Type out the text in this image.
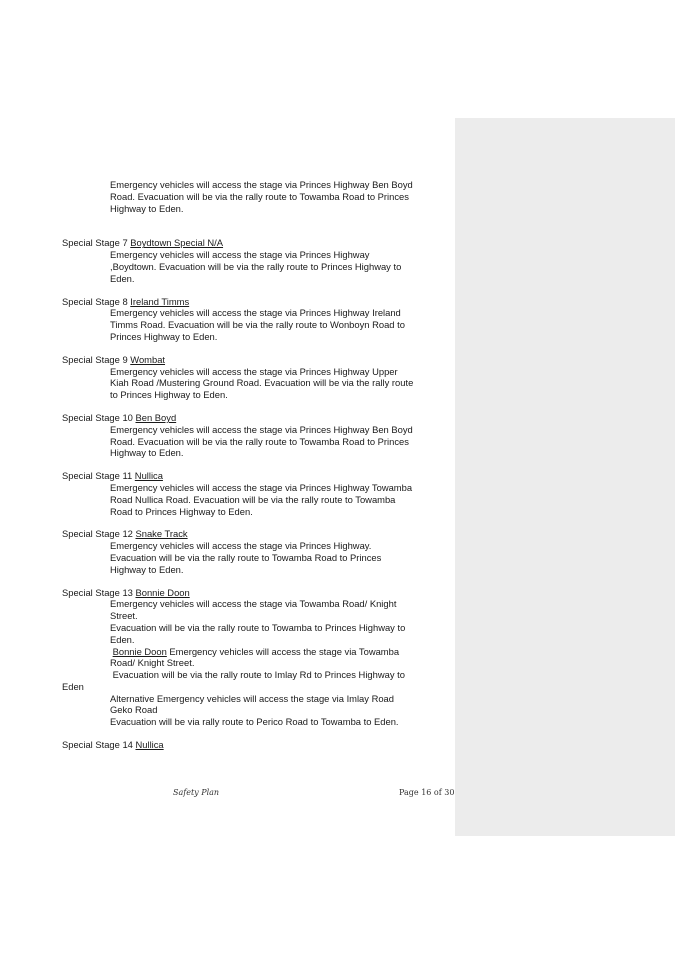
Emergency vehicles will access the stage via Princes Highway Ben Boyd
Road. Evacuation will be via the rally route to Towamba Road to Princes
Highway to Eden.
Special Stage 7 Boydtown Special N/A
Emergency vehicles will access the stage via Princes Highway
,Boydtown. Evacuation will be via the rally route to Princes Highway to
Eden.
Special Stage 8 Ireland Timms
Emergency vehicles will access the stage via Princes Highway Ireland
Timms Road. Evacuation will be via the rally route to Wonboyn Road to
Princes Highway to Eden.
Special Stage 9 Wombat
Emergency vehicles will access the stage via Princes Highway Upper
Kiah Road /Mustering Ground Road. Evacuation will be via the rally route
to Princes Highway to Eden.
Special Stage 10 Ben Boyd
Emergency vehicles will access the stage via Princes Highway Ben Boyd
Road. Evacuation will be via the rally route to Towamba Road to Princes
Highway to Eden.
Special Stage 11 Nullica
Emergency vehicles will access the stage via Princes Highway Towamba
Road Nullica Road. Evacuation will be via the rally route to Towamba
Road to Princes Highway to Eden.
Special Stage 12 Snake Track
Emergency vehicles will access the stage via Princes Highway.
Evacuation will be via the rally route to Towamba Road to Princes
Highway to Eden.
Special Stage 13 Bonnie Doon
Emergency vehicles will access the stage via Towamba Road/ Knight
Street.
Evacuation will be via the rally route to Towamba to Princes Highway to
Eden.
Bonnie Doon Emergency vehicles will access the stage via Towamba
Road/ Knight Street.
Evacuation will be via the rally route to Imlay Rd to Princes Highway to
Eden
Alternative Emergency vehicles will access the stage via Imlay Road
Geko Road
Evacuation will be via rally route to Perico Road to Towamba to Eden.
Special Stage 14 Nullica
Safety Plan	Page 16 of 30
